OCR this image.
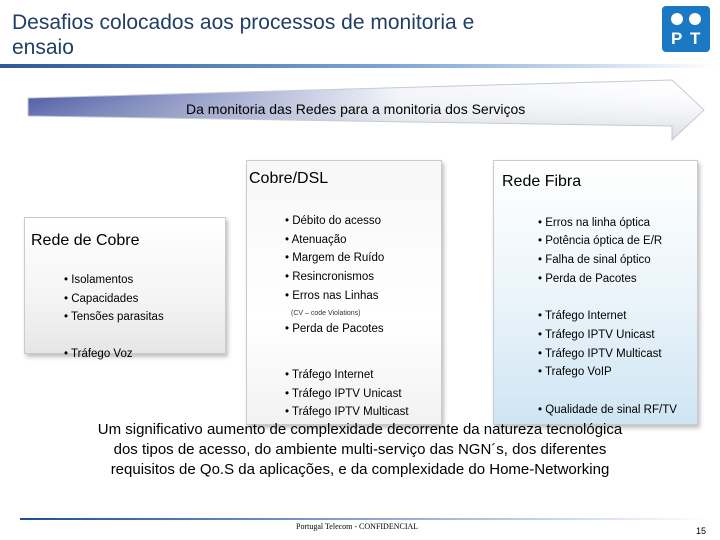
Desafios colocados aos processos de monitoria e
ensaio	P T
Da monitoria das Redes para a monitoria dos Serviços
Rede de Cobre
• Isolamentos
• Capacidades
• Tensões parasitas
• Tráfego Voz
Cobre/DSL
• Débito do acesso
• Atenuação
• Margem de Ruído
• Resincronismos
• Erros nas Linhas
(CV – code Violations)
• Perda de Pacotes
• Tráfego Internet
• Tráfego IPTV Unicast
• Tráfego IPTV Multicast
Rede Fibra
• Erros na linha óptica
• Potência óptica de E/R
• Falha de sinal óptico
• Perda de Pacotes
• Tráfego Internet
• Tráfego IPTV Unicast
• Tráfego IPTV Multicast
• Trafego VoIP
• Qualidade de sinal RF/TV
Um significativo aumento de complexidade decorrente da natureza tecnológica
dos tipos de acesso, do ambiente multi-serviço das NGN´s, dos diferentes
requisitos de Qo.S da aplicações, e da complexidade do Home-Networking
Portugal Telecom - CONFIDENCIAL	15
